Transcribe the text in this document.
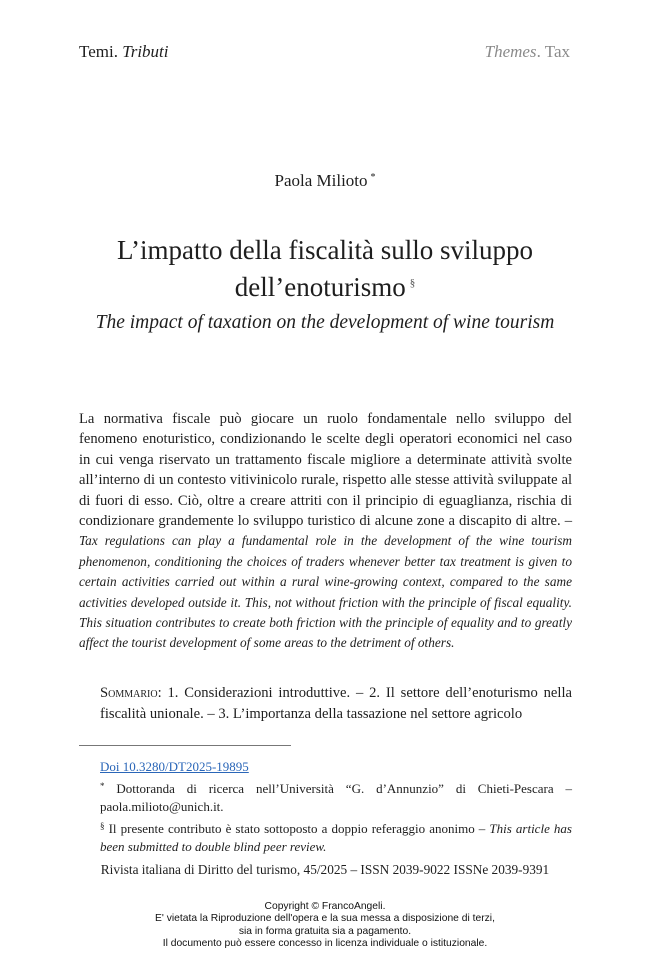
Temi. Tributi	Themes. Tax
Paola Milioto *
L’impatto della fiscalità sullo sviluppo
dell’enoturismo §
The impact of taxation on the development of wine tourism
La normativa fiscale può giocare un ruolo fondamentale nello sviluppo del fenomeno enoturistico, condizionando le scelte degli operatori economici nel caso in cui venga riservato un trattamento fiscale migliore a determinate attività svolte all’interno di un contesto vitivinicolo rurale, rispetto alle stesse attività sviluppate al di fuori di esso. Ciò, oltre a creare attriti con il principio di eguaglianza, rischia di condizionare grandemente lo sviluppo turistico di alcune zone a discapito di altre. – Tax regulations can play a fundamental role in the development of the wine tourism phenomenon, conditioning the choices of traders whenever better tax treatment is given to certain activities carried out within a rural wine-growing context, compared to the same activities developed outside it. This, not without friction with the principle of fiscal equality. This situation contributes to create both friction with the principle of equality and to greatly affect the tourist development of some areas to the detriment of others.
Sommario: 1. Considerazioni introduttive. – 2. Il settore dell’enoturismo nella fiscalità unionale. – 3. L’importanza della tassazione nel settore agricolo

Doi 10.3280/DT2025-19895

* Dottoranda di ricerca nell’Università “G. d’Annunzio” di Chieti-Pescara – paola.milioto@unich.it.

§ Il presente contributo è stato sottoposto a doppio referaggio anonimo – This article has been submitted to double blind peer review.

Rivista italiana di Diritto del turismo, 45/2025 – ISSN 2039-9022 ISSNe 2039-9391
Copyright © FrancoAngeli.
E' vietata la Riproduzione dell'opera e la sua messa a disposizione di terzi,
sia in forma gratuita sia a pagamento.
Il documento può essere concesso in licenza individuale o istituzionale.
